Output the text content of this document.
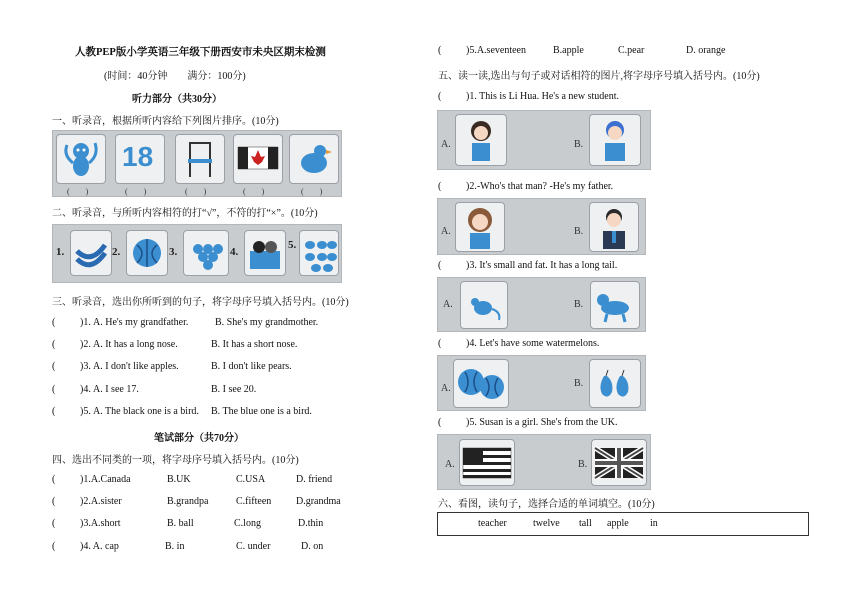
人教PEP版小学英语三年级下册西安市未央区期末检测
(时间：40分钟　　满分：100分)
听力部分（共30分）
一、听录音，根据所听内容给下列图片排序。(10分)
18
(　　)	(　　)	(　　)	(　　)	(　　)
二、听录音，与所听内容相符的打“√”，不符的打“×”。(10分)
1.	2.	3.	4.
5.
三、听录音，选出你所听到的句子，将字母序号填入括号内。(10分)
( )1. A. He's my grandfather.	B. She's my grandmother.
( )2. A. It has a long nose.	B. It has a short nose.
( )3. A. I don't like apples.	B. I don't like pears.
( )4. A. I see 17.	B. I see 20.
( )5. A. The black one is a bird. B. The blue one is a bird.
笔试部分（共70分）
四、选出不同类的一项，将字母序号填入括号内。(10分)
( )1.A.Canada	B.UK	C.USA	D. friend
( )2.A.sister	B.grandpa	C.fifteen D.grandma
( )3.A.short	B. ball	C.long	D.thin
( )4. A. cap	B. in	C. under	D. on
( )5.A.seventeen	B.apple	C.pear	D. orange
五、读一读,选出与句子或对话相符的图片,将字母序号填入括号内。(10分)
( )1. This is Li Hua. He's a new student.
A.	B.
( )2.-Who's that man? -He's my father.
A.	B.
( )3. It's small and fat. It has a long tail.
A.	B.
( )4. Let's have some watermelons.
A.	B.
( )5. Susan is a girl. She's from the UK.
A.	B.
六、看图，读句子，选择合适的单词填空。(10分)
teacher	twelve tall apple in
